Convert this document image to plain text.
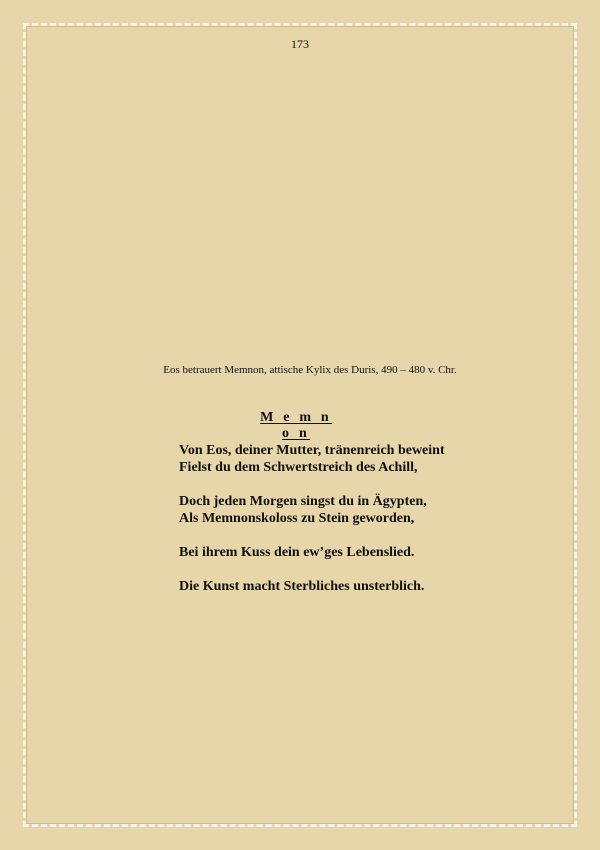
173
Eos betrauert Memnon, attische Kylix des Duris, 490 – 480 v. Chr.
M e m n o n
Von Eos, deiner Mutter, tränenreich beweint
Fielst du dem Schwertstreich des Achill,
Doch jeden Morgen singst du in Ägypten,
Als Memnonskoloss zu Stein geworden,
Bei ihrem Kuss dein ew’ges Lebenslied.
Die Kunst macht Sterbliches unsterblich.
